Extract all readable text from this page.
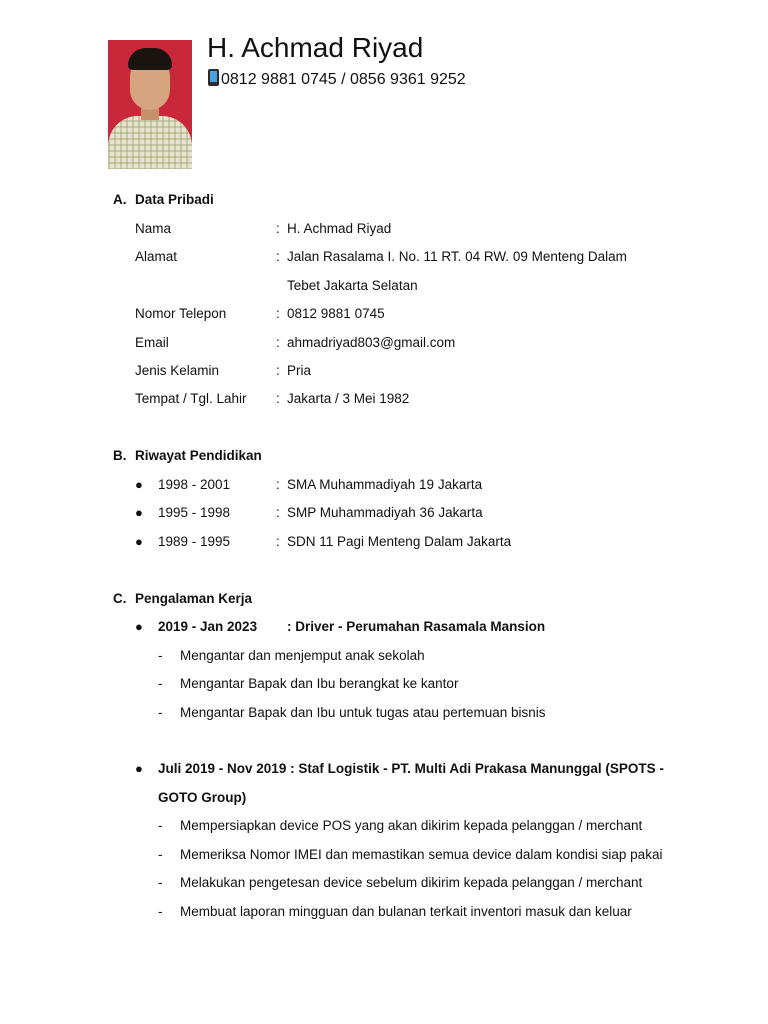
H. Achmad Riyad
0812 9881 0745 / 0856 9361 9252
A. Data Pribadi
Nama	: H. Achmad Riyad
Alamat	: Jalan Rasalama I. No. 11 RT. 04 RW. 09 Menteng Dalam
Tebet Jakarta Selatan
Nomor Telepon	: 0812 9881 0745
Email	: ahmadriyad803@gmail.com
Jenis Kelamin	: Pria
Tempat / Tgl. Lahir : Jakarta / 3 Mei 1982
B. Riwayat Pendidikan
● 1998 - 2001	: SMA Muhammadiyah 19 Jakarta
● 1995 - 1998	: SMP Muhammadiyah 36 Jakarta
● 1989 - 1995	: SDN 11 Pagi Menteng Dalam Jakarta
C. Pengalaman Kerja
● 2019 - Jan 2023 : Driver - Perumahan Rasamala Mansion
- Mengantar dan menjemput anak sekolah
- Mengantar Bapak dan Ibu berangkat ke kantor
- Mengantar Bapak dan Ibu untuk tugas atau pertemuan bisnis
● Juli 2019 - Nov 2019 : Staf Logistik - PT. Multi Adi Prakasa Manunggal (SPOTS -
GOTO Group)
- Mempersiapkan device POS yang akan dikirim kepada pelanggan / merchant
- Memeriksa Nomor IMEI dan memastikan semua device dalam kondisi siap pakai
- Melakukan pengetesan device sebelum dikirim kepada pelanggan / merchant
- Membuat laporan mingguan dan bulanan terkait inventori masuk dan keluar
